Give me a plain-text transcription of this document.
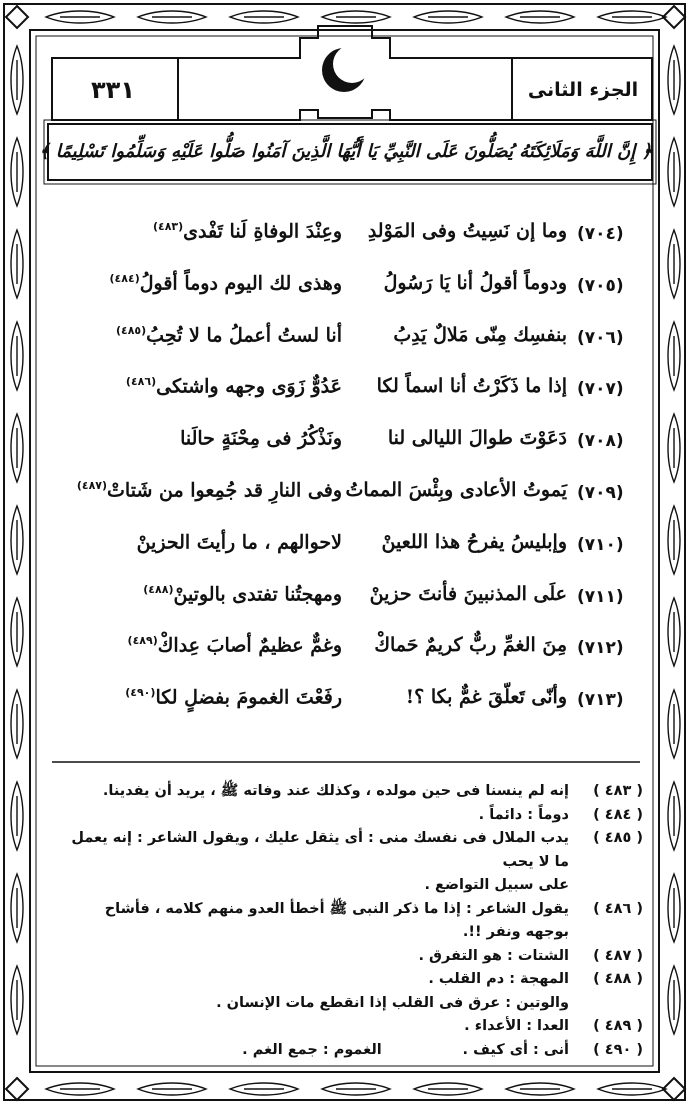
٣٣١	الجزء الثانى
﴿ إِنَّ اللَّهَ وَمَلَائِكَتَهُ يُصَلُّونَ عَلَى النَّبِيِّ يَا أَيُّهَا الَّذِينَ آمَنُوا صَلُّوا عَلَيْهِ وَسَلِّمُوا تَسْلِيمًا ﴾
(٧٠٤)
وما إن نَسِيتُ وفى المَوْلدِ
وعِنْدَ الوفاةِ لَنا تَفْدى$^{(٤٨٣)}$
(٧٠٥)
ودوماً أقولُ أنا يَا رَسُولُ
وهذى لك اليوم دوماً أقولُ$^{(٤٨٤)}$
(٧٠٦)
بنفسِك مِنّى مَلالٌ يَدِبُ
أنا لستُ أعملُ ما لا تُحِبُ$^{(٤٨٥)}$
(٧٠٧)
إذا ما ذَكَرْتُ أنا اسماً لكا
عَدُوٌّ زَوَى وجهه واشتكى$^{(٤٨٦)}$
(٧٠٨)
دَعَوْتَ طوالَ الليالى لنا
ونَذْكُرُ فى مِحْنَةٍ حالَنا
(٧٠٩)
يَموتُ الأعادى وبِئْسَ المماتُ
وفى النارِ قد جُمِعوا من شَتاتْ$^{(٤٨٧)}$
(٧١٠)
وإبليسُ يفرحُ هذا اللعينْ
لاحوالهم ، ما رأيتَ الحزينْ
(٧١١)
علَى المذنبينَ فأنتَ حزينْ
ومهجتُنا تفتدى بالوتينْ$^{(٤٨٨)}$
(٧١٢)
مِنَ الغمِّ ربٌّ كريمٌ حَماكْ
وغمٌّ عظيمٌ أصابَ عِداكْ$^{(٤٨٩)}$
(٧١٣)
وأنّى تَعلّقَ غمٌّ بكا ؟!
رفَعْتَ الغمومَ بفضلٍ لكا$^{(٤٩٠)}$
( ٤٨٣ )
إنه لم ينسنا فى حين مولده ، وكذلك عند وفاته ﷺ ، يريد أن يفدينا.
( ٤٨٤ )
دوماً : دائماً .
( ٤٨٥ )
يدب الملال فى نفسك منى : أى يثقل عليك ، ويقول الشاعر : إنه يعمل ما لا يحب
على سبيل التواضع .
( ٤٨٦ )
يقول الشاعر : إذا ما ذكر النبى ﷺ أخطأ العدو منهم كلامه ، فأشاح بوجهه ونفر !!.
( ٤٨٧ )
الشتات : هو التفرق .
( ٤٨٨ )
المهجة : دم القلب .
والوتين : عرق فى القلب إذا انقطع مات الإنسان .
( ٤٨٩ )
العدا : الأعداء .
( ٤٩٠ )
أنى : أى كيف .                الغموم : جمع الغم .
